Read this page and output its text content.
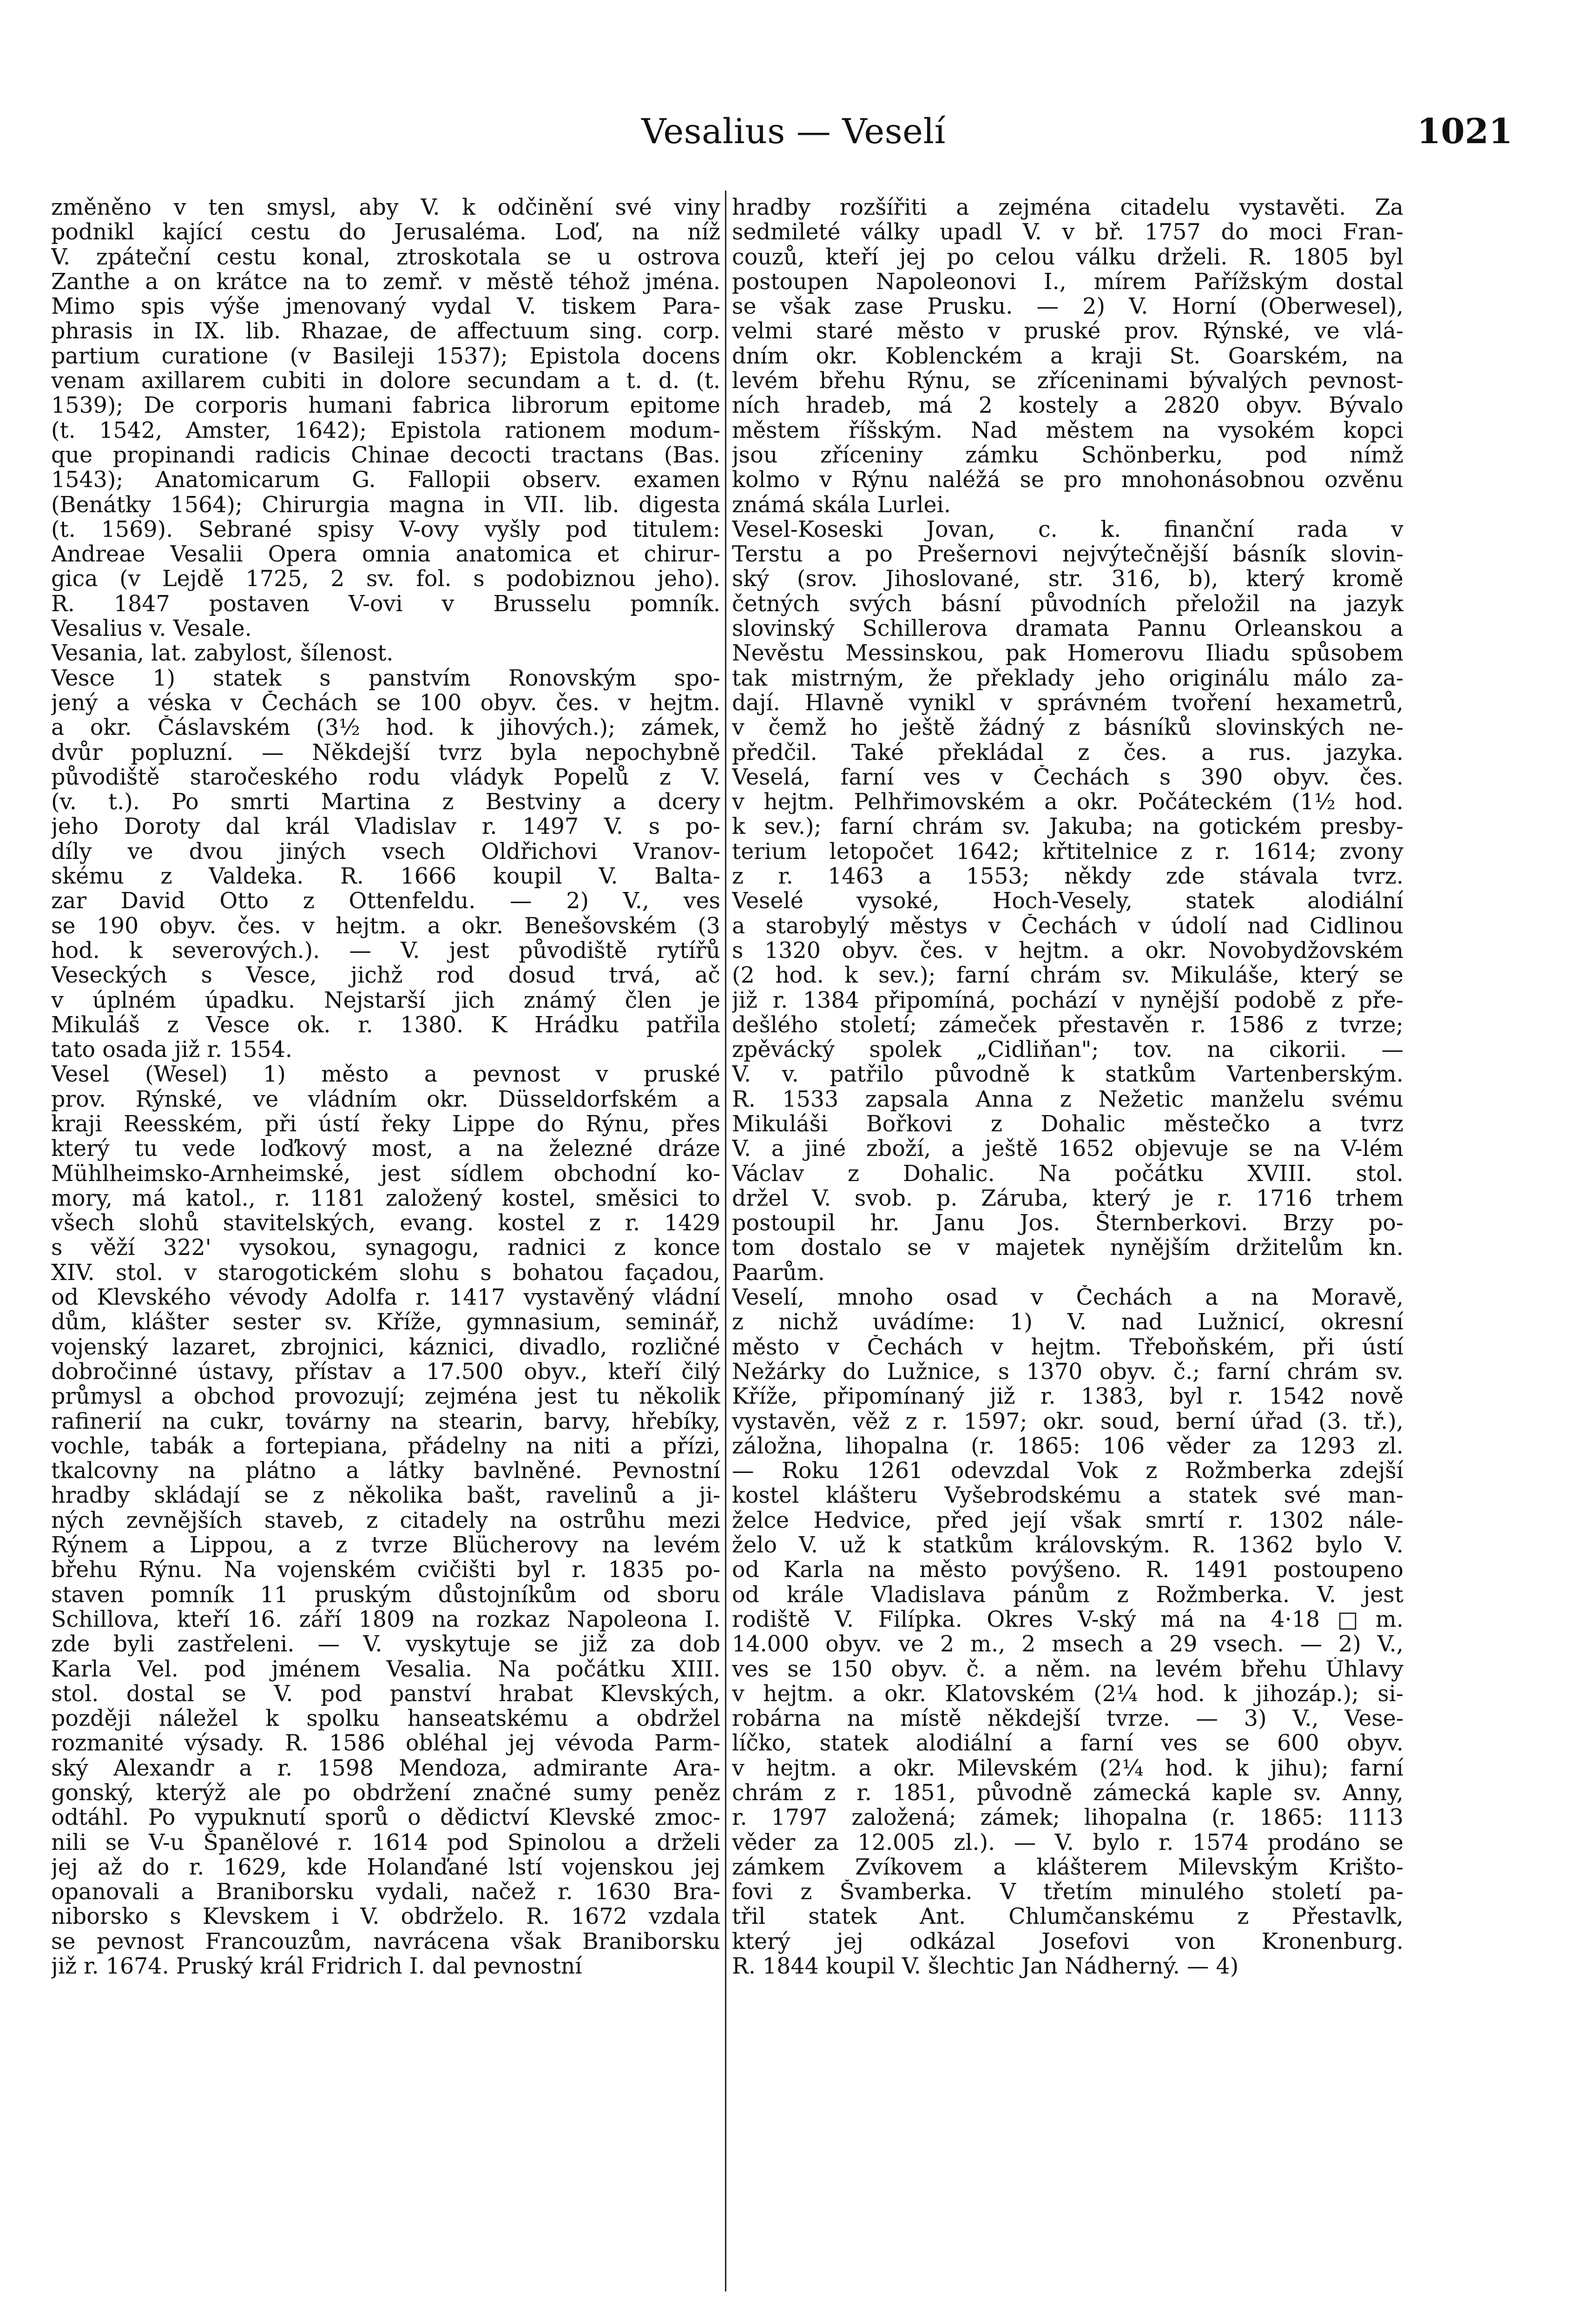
Vesalius — Veselí	1021
změněno v ten smysl, aby V. k odčinění své viny
podnikl kající cestu do Jerusaléma. Loď, na níž
V. zpáteční cestu konal, ztroskotala se u ostrova
Zanthe a on krátce na to zemř. v městě téhož jména.
Mimo spis výše jmenovaný vydal V. tiskem Para-
phrasis in IX. lib. Rhazae, de affectuum sing. corp.
partium curatione (v Basileji 1537); Epistola docens
venam axillarem cubiti in dolore secundam a t. d. (t.
1539); De corporis humani fabrica librorum epitome
(t. 1542, Amster, 1642); Epistola rationem modum-
que propinandi radicis Chinae decocti tractans (Bas.
1543); Anatomicarum G. Fallopii observ. examen
(Benátky 1564); Chirurgia magna in VII. lib. digesta
(t. 1569). Sebrané spisy V-ovy vyšly pod titulem:
Andreae Vesalii Opera omnia anatomica et chirur-
gica (v Lejdě 1725, 2 sv. fol. s podobiznou jeho).
R. 1847 postaven V-ovi v Brusselu pomník.
Vesalius v. Vesale.
Vesania, lat. zabylost, šílenost.
Vesce 1) statek s panstvím Ronovským spo-
jený a véska v Čechách se 100 obyv. čes. v hejtm.
a okr. Čáslavském (3½ hod. k jihových.); zámek,
dvůr popluzní. — Někdejší tvrz byla nepochybně
původiště staročeského rodu vládyk Popelů z V.
(v. t.). Po smrti Martina z Bestviny a dcery
jeho Doroty dal král Vladislav r. 1497 V. s po-
díly ve dvou jiných vsech Oldřichovi Vranov-
skému z Valdeka. R. 1666 koupil V. Balta-
zar David Otto z Ottenfeldu. — 2) V., ves
se 190 obyv. čes. v hejtm. a okr. Benešovském (3
hod. k severových.). — V. jest původiště rytířů
Veseckých s Vesce, jichž rod dosud trvá, ač
v úplném úpadku. Nejstarší jich známý člen je
Mikuláš z Vesce ok. r. 1380. K Hrádku patřila
tato osada již r. 1554.
Vesel (Wesel) 1) město a pevnost v pruské
prov. Rýnské, ve vládním okr. Düsseldorfském a
kraji Reesském, při ústí řeky Lippe do Rýnu, přes
který tu vede loďkový most, a na železné dráze
Mühlheimsko-Arnheimské, jest sídlem obchodní ko-
mory, má katol., r. 1181 založený kostel, směsici to
všech slohů stavitelských, evang. kostel z r. 1429
s věží 322' vysokou, synagogu, radnici z konce
XIV. stol. v starogotickém slohu s bohatou façadou,
od Klevského vévody Adolfa r. 1417 vystavěný vládní
dům, klášter sester sv. Kříže, gymnasium, seminář,
vojenský lazaret, zbrojnici, káznici, divadlo, rozličné
dobročinné ústavy, přístav a 17.500 obyv., kteří čilý
průmysl a obchod provozují; zejména jest tu několik
rafinerií na cukr, továrny na stearin, barvy, hřebíky,
vochle, tabák a fortepiana, přádelny na niti a přízi,
tkalcovny na plátno a látky bavlněné. Pevnostní
hradby skládají se z několika bašt, ravelinů a ji-
ných zevnějších staveb, z citadely na ostrůhu mezi
Rýnem a Lippou, a z tvrze Blücherovy na levém
břehu Rýnu. Na vojenském cvičišti byl r. 1835 po-
staven pomník 11 pruským důstojníkům od sboru
Schillova, kteří 16. září 1809 na rozkaz Napoleona I.
zde byli zastřeleni. — V. vyskytuje se již za dob
Karla Vel. pod jménem Vesalia. Na počátku XIII.
stol. dostal se V. pod panství hrabat Klevských,
později náležel k spolku hanseatskému a obdržel
rozmanité výsady. R. 1586 obléhal jej vévoda Parm-
ský Alexandr a r. 1598 Mendoza, admirante Ara-
gonský, kterýž ale po obdržení značné sumy peněz
odtáhl. Po vypuknutí sporů o dědictví Klevské zmoc-
nili se V-u Španělové r. 1614 pod Spinolou a drželi
jej až do r. 1629, kde Holanďané lstí vojenskou jej
opanovali a Braniborsku vydali, načež r. 1630 Bra-
niborsko s Klevskem i V. obdrželo. R. 1672 vzdala
se pevnost Francouzům, navrácena však Braniborsku
již r. 1674. Pruský král Fridrich I. dal pevnostní
hradby rozšířiti a zejména citadelu vystavěti. Za
sedmileté války upadl V. v bř. 1757 do moci Fran-
couzů, kteří jej po celou válku drželi. R. 1805 byl
postoupen Napoleonovi I., mírem Pařížským dostal
se však zase Prusku. — 2) V. Horní (Oberwesel),
velmi staré město v pruské prov. Rýnské, ve vlá-
dním okr. Koblenckém a kraji St. Goarském, na
levém břehu Rýnu, se zříceninami bývalých pevnost-
ních hradeb, má 2 kostely a 2820 obyv. Bývalo
městem říšským. Nad městem na vysokém kopci
jsou zříceniny zámku Schönberku, pod nímž
kolmo v Rýnu naléžá se pro mnohonásobnou ozvěnu
známá skála Lurlei.
Vesel-Koseski Jovan, c. k. finanční rada v
Terstu a po Prešernovi nejvýtečnější básník slovin-
ský (srov. Jihoslované, str. 316, b), který kromě
četných svých básní původních přeložil na jazyk
slovinský Schillerova dramata Pannu Orleanskou a
Nevěstu Messinskou, pak Homerovu Iliadu spůsobem
tak mistrným, že překlady jeho originálu málo za-
dají. Hlavně vynikl v správném tvoření hexametrů,
v čemž ho ještě žádný z básníků slovinských ne-
předčil. Také překládal z čes. a rus. jazyka.
Veselá, farní ves v Čechách s 390 obyv. čes.
v hejtm. Pelhřimovském a okr. Počáteckém (1½ hod.
k sev.); farní chrám sv. Jakuba; na gotickém presby-
terium letopočet 1642; křtitelnice z r. 1614; zvony
z r. 1463 a 1553; někdy zde stávala tvrz.
Veselé vysoké, Hoch-Vesely, statek alodiální
a starobylý městys v Čechách v údolí nad Cidlinou
s 1320 obyv. čes. v hejtm. a okr. Novobydžovském
(2 hod. k sev.); farní chrám sv. Mikuláše, který se
již r. 1384 připomíná, pochází v nynější podobě z pře-
dešlého století; zámeček přestavěn r. 1586 z tvrze;
zpěvácký spolek „Cidliňan"; tov. na cikorii. —
V. v. patřilo původně k statkům Vartenberským.
R. 1533 zapsala Anna z Nežetic manželu svému
Mikuláši Bořkovi z Dohalic městečko a tvrz
V. a jiné zboží, a ještě 1652 objevuje se na V-lém
Václav z Dohalic. Na počátku XVIII. stol.
držel V. svob. p. Záruba, který je r. 1716 trhem
postoupil hr. Janu Jos. Šternberkovi. Brzy po-
tom dostalo se v majetek nynějším držitelům kn.
Paarům.
Veselí, mnoho osad v Čechách a na Moravě,
z nichž uvádíme: 1) V. nad Lužnicí, okresní
město v Čechách v hejtm. Třeboňském, při ústí
Nežárky do Lužnice, s 1370 obyv. č.; farní chrám sv.
Kříže, připomínaný již r. 1383, byl r. 1542 nově
vystavěn, věž z r. 1597; okr. soud, berní úřad (3. tř.),
záložna, lihopalna (r. 1865: 106 věder za 1293 zl.
— Roku 1261 odevzdal Vok z Rožmberka zdejší
kostel klášteru Vyšebrodskému a statek své man-
želce Hedvice, před její však smrtí r. 1302 nále-
želo V. už k statkům královským. R. 1362 bylo V.
od Karla na město povýšeno. R. 1491 postoupeno
od krále Vladislava pánům z Rožmberka. V. jest
rodiště V. Filípka. Okres V-ský má na 4·18□m.
14.000 obyv. ve 2 m., 2 msech a 29 vsech. — 2) V.,
ves se 150 obyv. č. a něm. na levém břehu Úhlavy
v hejtm. a okr. Klatovském (2¼ hod. k jihozáp.); si-
robárna na místě někdejší tvrze. — 3) V., Vese-
líčko, statek alodiální a farní ves se 600 obyv.
v hejtm. a okr. Milevském (2¼ hod. k jihu); farní
chrám z r. 1851, původně zámecká kaple sv. Anny,
r. 1797 založená; zámek; lihopalna (r. 1865: 1113
věder za 12.005 zl.). — V. bylo r. 1574 prodáno se
zámkem Zvíkovem a klášterem Milevským Krišto-
fovi z Švamberka. V třetím minulého století pa-
třil statek Ant. Chlumčanskému z Přestavlk,
který jej odkázal Josefovi von Kronenburg.
R. 1844 koupil V. šlechtic Jan Nádherný. — 4)
